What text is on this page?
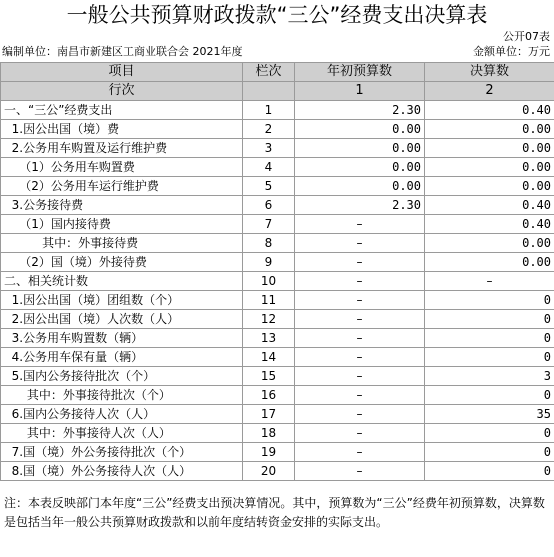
一般公共预算财政拨款“三公”经费支出决算表
公开07表
编制单位：南昌市新建区工商业联合会 2021年度	金额单位：万元
项目	栏次	年初预算数	决算数
行次		1	2
一、“三公”经费支出	1	2.30	0.40
1.因公出国（境）费	2	0.00	0.00
2.公务用车购置及运行维护费	3	0.00	0.00
（1）公务用车购置费	4	0.00	0.00
（2）公务用车运行维护费	5	0.00	0.00
3.公务接待费	6	2.30	0.40
（1）国内接待费	7	–	0.40
其中：外事接待费	8	–	0.00
（2）国（境）外接待费	9	–	0.00
二、相关统计数	10	–	–
1.因公出国（境）团组数（个）	11	–	0
2.因公出国（境）人次数（人）	12	–	0
3.公务用车购置数（辆）	13	–	0
4.公务用车保有量（辆）	14	–	0
5.国内公务接待批次（个）	15	–	3
其中：外事接待批次（个）	16	–	0
6.国内公务接待人次（人）	17	–	35
其中：外事接待人次（人）	18	–	0
7.国（境）外公务接待批次（个）	19	–	0
8.国（境）外公务接待人次（人）	20	–	0
注：本表反映部门本年度“三公”经费支出预决算情况。其中，预算数为“三公”经费年初预算数，决算数是包括当年一般公共预算财政拨款和以前年度结转资金安排的实际支出。
